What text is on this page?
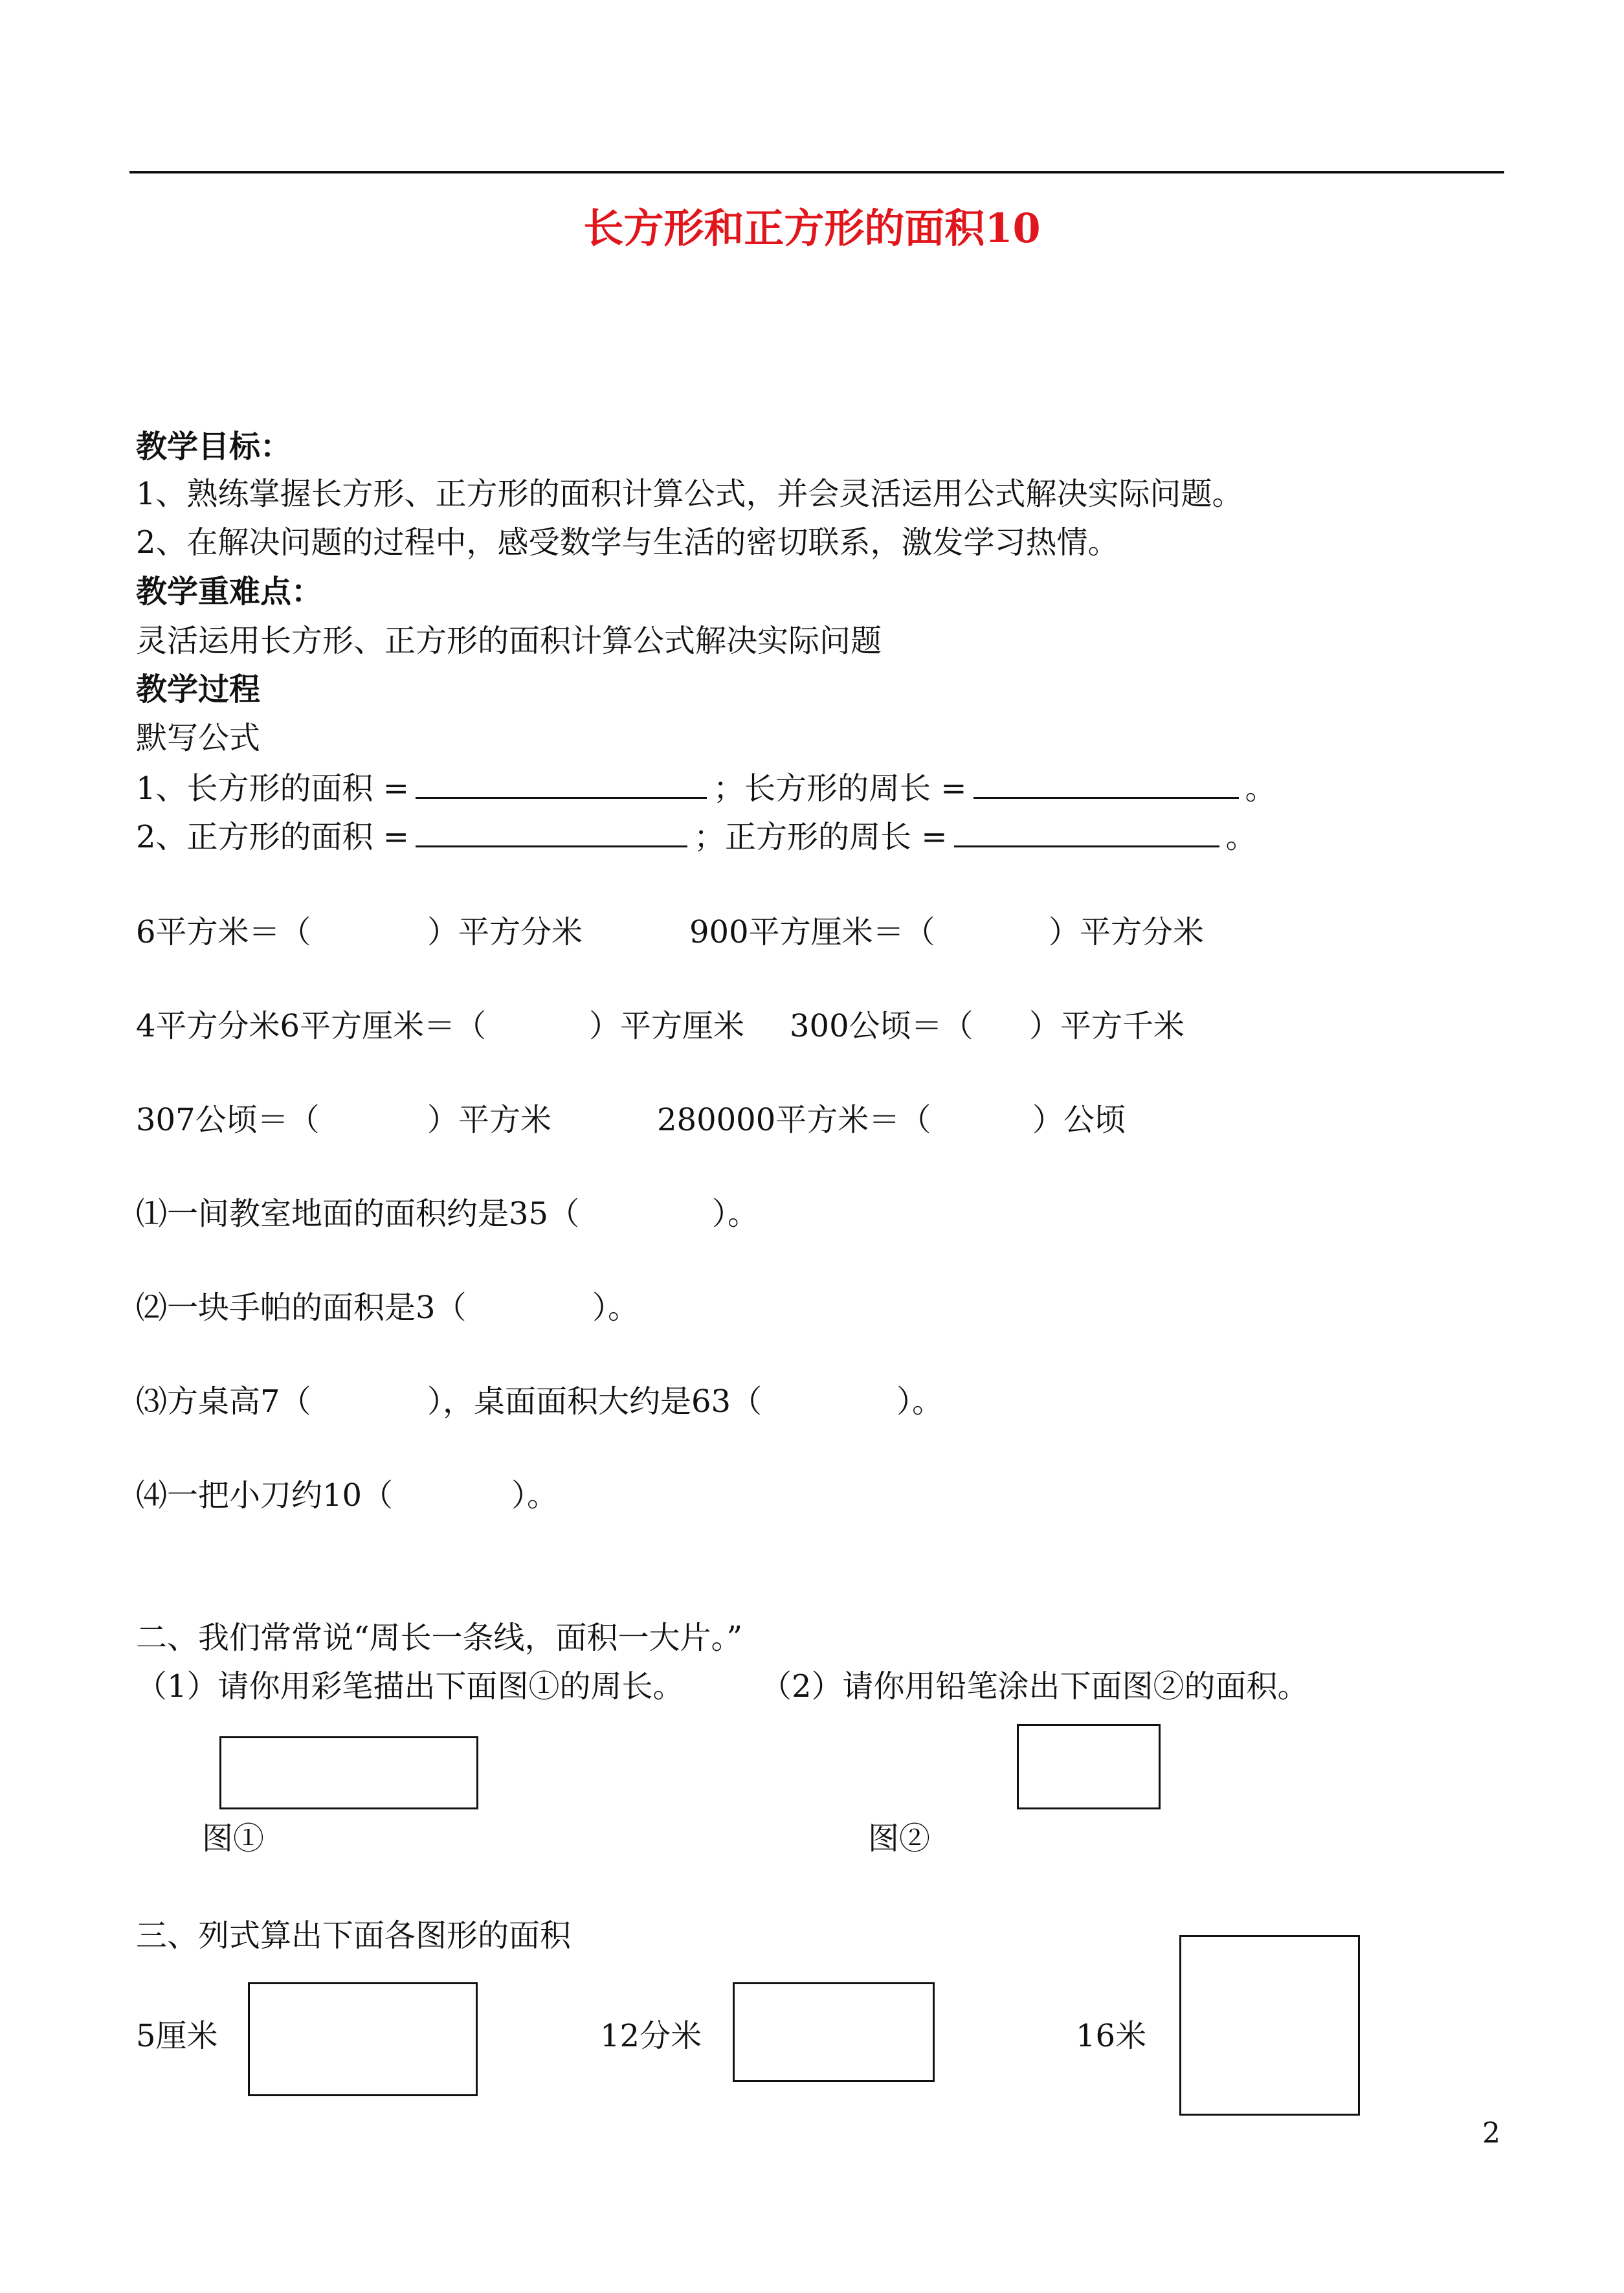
长方形和正方形的面积10
教学目标：
1、熟练掌握长方形、正方形的面积计算公式，并会灵活运用公式解决实际问题。
2、在解决问题的过程中，感受数学与生活的密切联系，激发学习热情。
教学重难点：
灵活运用长方形、正方形的面积计算公式解决实际问题
教学过程
默写公式
1、长方形的面积 =	；长方形的周长 =	。
2、正方形的面积 =	；正方形的周长 =	。
6平方米＝（	）平方分米	900平方厘米＝（	）平方分米
4平方分米6平方厘米＝（	）平方厘米 300公顷＝（ ）平方千米
307公顷＝（	）平方米	280000平方米＝（	）公顷
⑴一间教室地面的面积约是35（	）。
⑵一块手帕的面积是3（	）。
⑶方桌高7（	），桌面面积大约是63（	）。
⑷一把小刀约10（	）。
二、我们常常说“周长一条线，面积一大片。”
（1）请你用彩笔描出下面图①的周长。 （2）请你用铅笔涂出下面图②的面积。
图①	图②
三、列式算出下面各图形的面积
5厘米	12分米	16米
2
